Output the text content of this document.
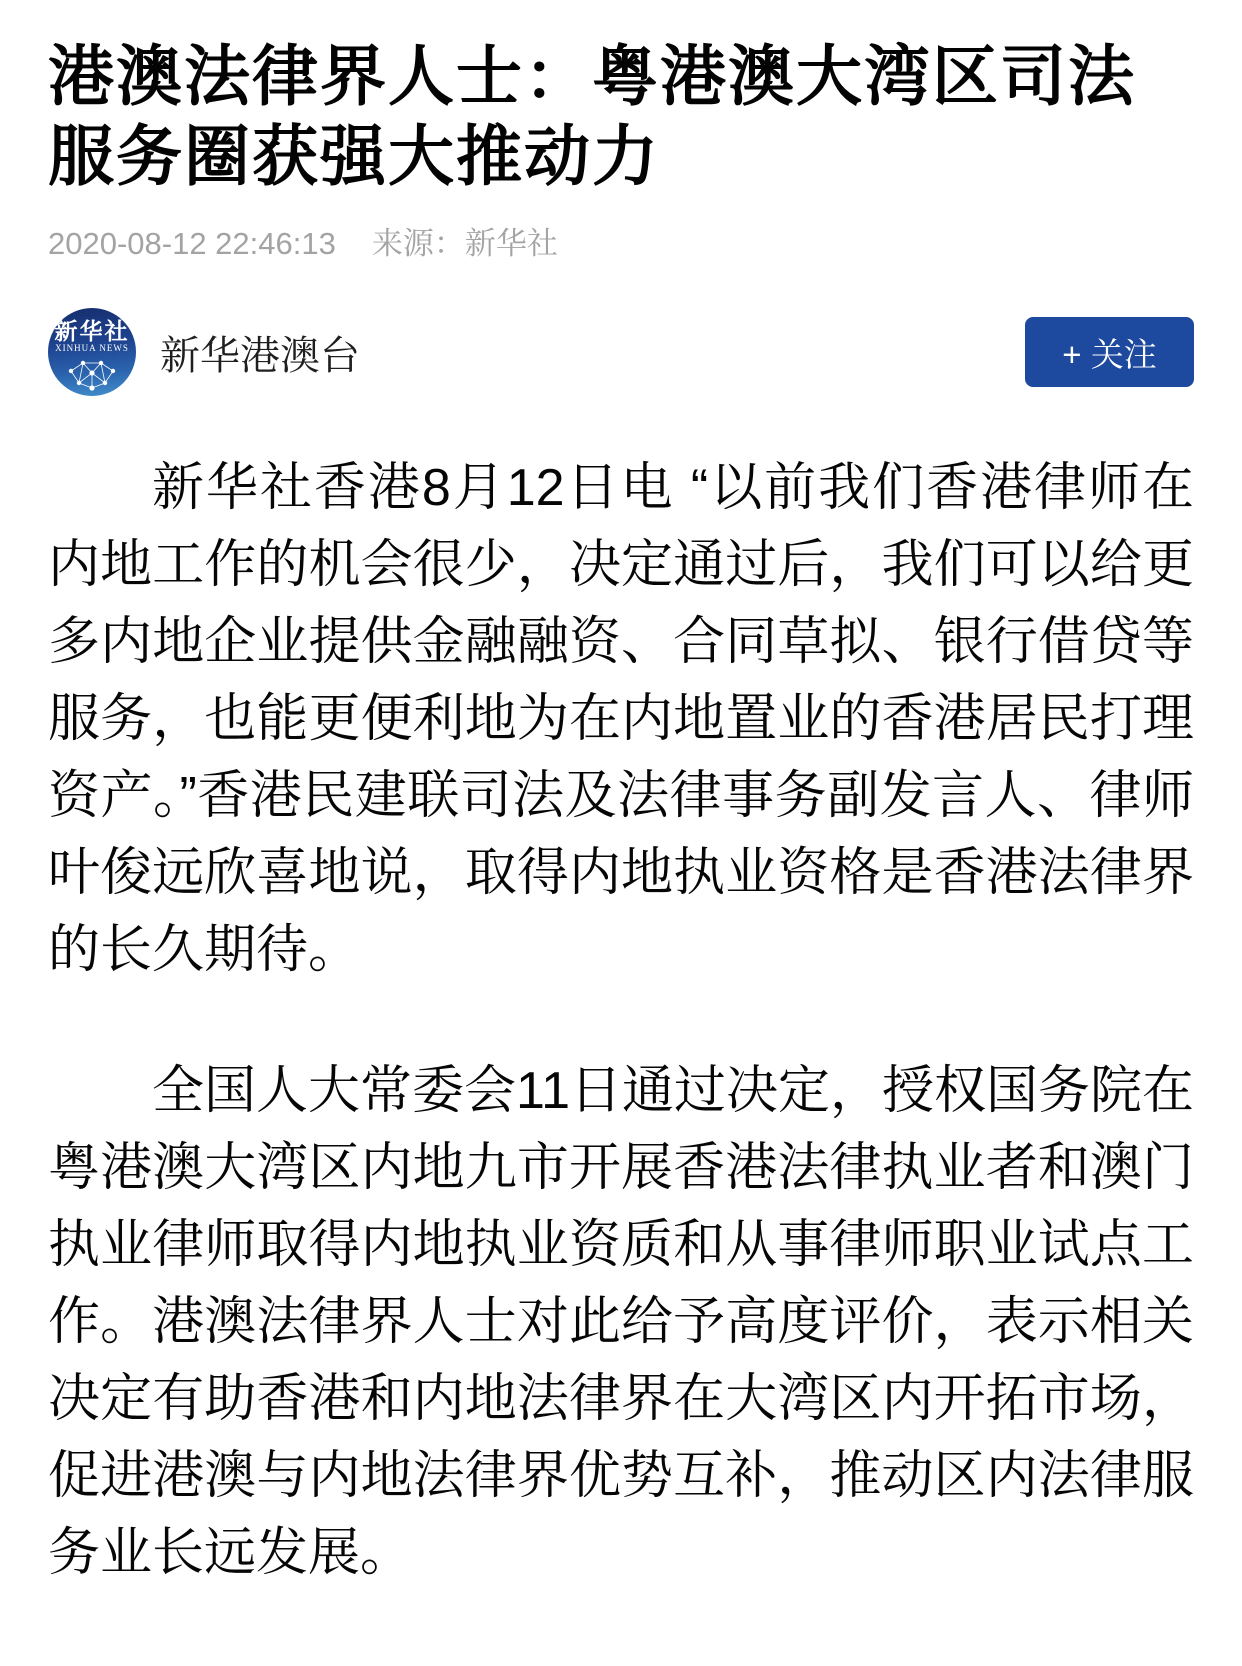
港澳法律界人士：粤港澳大湾区司法服务圈获强大推动力
2020-08-12 22:46:13 来源：新华社
新华社
XINHUA NEWS 新华港澳台	+ 关注

新华社香港8月12日电 “以前我们香港律师在内地工作的机会很少，决定通过后，我们可以给更多内地企业提供金融融资、合同草拟、银行借贷等服务，也能更便利地为在内地置业的香港居民打理资产。”香港民建联司法及法律事务副发言人、律师叶俊远欣喜地说，取得内地执业资格是香港法律界的长久期待。

全国人大常委会11日通过决定，授权国务院在粤港澳大湾区内地九市开展香港法律执业者和澳门执业律师取得内地执业资质和从事律师职业试点工作。港澳法律界人士对此给予高度评价，表示相关决定有助香港和内地法律界在大湾区内开拓市场，促进港澳与内地法律界优势互补，推动区内法律服务业长远发展。
